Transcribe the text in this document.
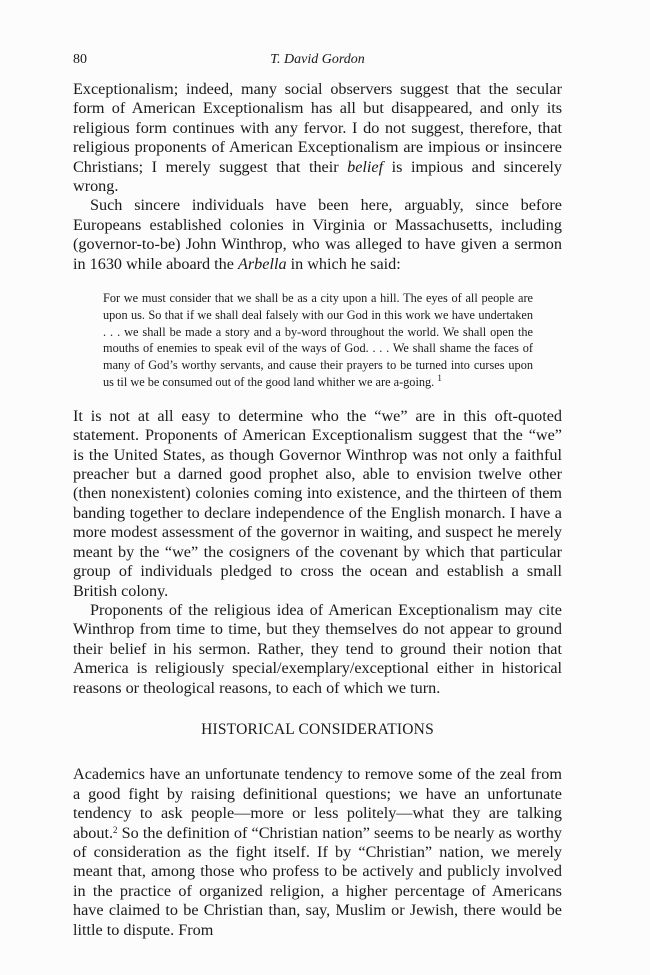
80	T. David Gordon

Exceptionalism; indeed, many social observers suggest that the secular form of American Exceptionalism has all but disappeared, and only its religious form continues with any fervor. I do not suggest, therefore, that religious proponents of American Exceptionalism are impious or insincere Christians; I merely suggest that their belief is impious and sincerely wrong.

Such sincere individuals have been here, arguably, since before Europeans established colonies in Virginia or Massachusetts, including (governor-to-be) John Winthrop, who was alleged to have given a sermon in 1630 while aboard the Arbella in which he said:

For we must consider that we shall be as a city upon a hill. The eyes of all people are upon us. So that if we shall deal falsely with our God in this work we have undertaken . . . we shall be made a story and a by-word throughout the world. We shall open the mouths of enemies to speak evil of the ways of God. . . . We shall shame the faces of many of God’s worthy servants, and cause their prayers to be turned into curses upon us til we be consumed out of the good land whither we are a-going. $^1$

It is not at all easy to determine who the “we” are in this oft-quoted statement. Proponents of American Exceptionalism suggest that the “we” is the United States, as though Governor Winthrop was not only a faithful preacher but a darned good prophet also, able to envision twelve other (then nonexistent) colonies coming into existence, and the thirteen of them banding together to declare independence of the English monarch. I have a more modest assessment of the governor in waiting, and suspect he merely meant by the “we” the cosigners of the covenant by which that particular group of individuals pledged to cross the ocean and establish a small British colony.

Proponents of the religious idea of American Exceptionalism may cite Winthrop from time to time, but they themselves do not appear to ground their belief in his sermon. Rather, they tend to ground their notion that America is religiously special/exemplary/exceptional either in historical reasons or theological reasons, to each of which we turn.

HISTORICAL CONSIDERATIONS

Academics have an unfortunate tendency to remove some of the zeal from a good fight by raising definitional questions; we have an unfortunate tendency to ask people—more or less politely—what they are talking about.$^2$ So the definition of “Christian nation” seems to be nearly as worthy of consideration as the fight itself. If by “Christian” nation, we merely meant that, among those who profess to be actively and publicly involved in the practice of organized religion, a higher percentage of Americans have claimed to be Christian than, say, Muslim or Jewish, there would be little to dispute. From
